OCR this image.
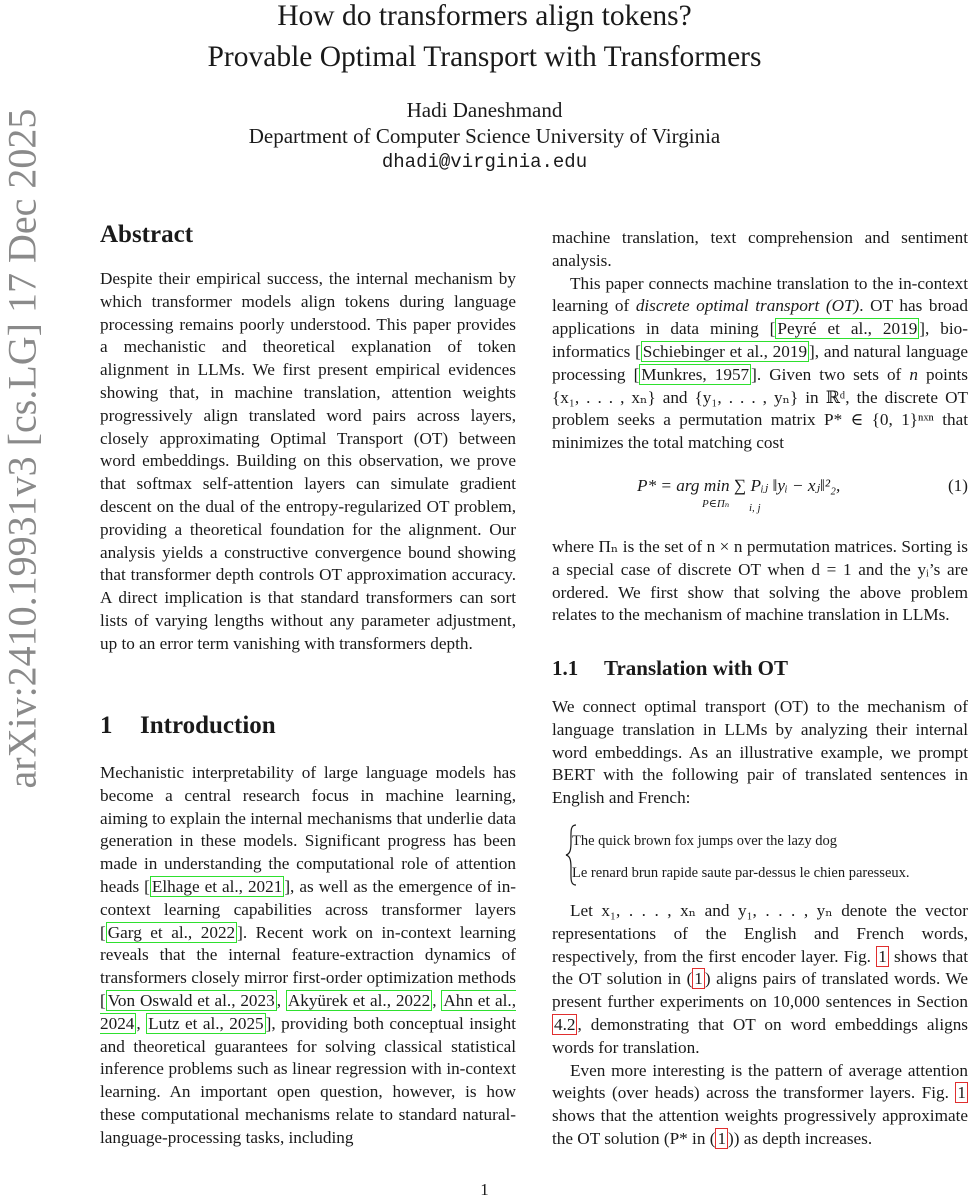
How do transformers align tokens?
Provable Optimal Transport with Transformers
Hadi Daneshmand
Department of Computer Science University of Virginia
dhadi@virginia.edu
arXiv:2410.19931v3 [cs.LG] 17 Dec 2025 Abstract

Despite their empirical success, the internal mechanism by which transformer models align tokens during language processing remains poorly understood. This paper provides a mechanistic and theoretical explanation of token alignment in LLMs. We first present empirical evidences showing that, in machine translation, attention weights progressively align translated word pairs across layers, closely approximating Optimal Transport (OT) between word embeddings. Building on this observation, we prove that softmax self-attention layers can simulate gradient descent on the dual of the entropy-regularized OT problem, providing a theoretical foundation for the alignment. Our analysis yields a constructive convergence bound showing that transformer depth controls OT approximation accuracy. A direct implication is that standard transformers can sort lists of varying lengths without any parameter adjustment, up to an error term vanishing with transformers depth.

1 Introduction

Mechanistic interpretability of large language models has become a central research focus in machine learning, aiming to explain the internal mechanisms that underlie data generation in these models. Significant progress has been made in understanding the computational role of attention heads [ Elhage et al., 2021 ], as well as the emergence of in-context learning capabilities across transformer layers [ Garg et al., 2022 ]. Recent work on in-context learning reveals that the internal feature-extraction dynamics of transformers closely mirror first-order optimization methods [ Von Oswald et al., 2023 , Akyürek et al., 2022 , Ahn et al., 2024 , Lutz et al., 2025 ], providing both conceptual insight and theoretical guarantees for solving classical statistical inference problems such as linear regression with in-context learning. An important open question, however, is how these computational mechanisms relate to standard natural-language-processing tasks, including

machine translation, text comprehension and sentiment analysis.

This paper connects machine translation to the in-context learning of discrete optimal transport (OT). OT has broad applications in data mining [ Peyré et al., 2019 ], bio-informatics [ Schiebinger et al., 2019 ], and natural language processing [ Munkres, 1957 ]. Given two sets of n points {x₁, . . . , xₙ} and {y₁, . . . , yₙ} in ℝᵈ, the discrete OT problem seeks a permutation matrix P* ∈ {0, 1}ⁿˣⁿ that minimizes the total matching cost

P* = arg min ∑ Pᵢⱼ ‖yᵢ − xⱼ‖²₂,
P∈Πₙ i, j
(1)

where Πₙ is the set of n × n permutation matrices. Sorting is a special case of discrete OT when d = 1 and the yᵢ’s are ordered. We first show that solving the above problem relates to the mechanism of machine translation in LLMs.

1.1 Translation with OT

We connect optimal transport (OT) to the mechanism of language translation in LLMs by analyzing their internal word embeddings. As an illustrative example, we prompt BERT with the following pair of translated sentences in English and French:

The quick brown fox jumps over the lazy dog
Le renard brun rapide saute par-dessus le chien paresseux.

Let x₁, . . . , xₙ and y₁, . . . , yₙ denote the vector representations of the English and French words, respectively, from the first encoder layer. Fig. 1 shows that the OT solution in ( 1 ) aligns pairs of translated words. We present further experiments on 10,000 sentences in Section 4.2 , demonstrating that OT on word embeddings aligns words for translation.

Even more interesting is the pattern of average attention weights (over heads) across the transformer layers. Fig. 1 shows that the attention weights progressively approximate the OT solution (P* in ( 1 )) as depth increases.

1
